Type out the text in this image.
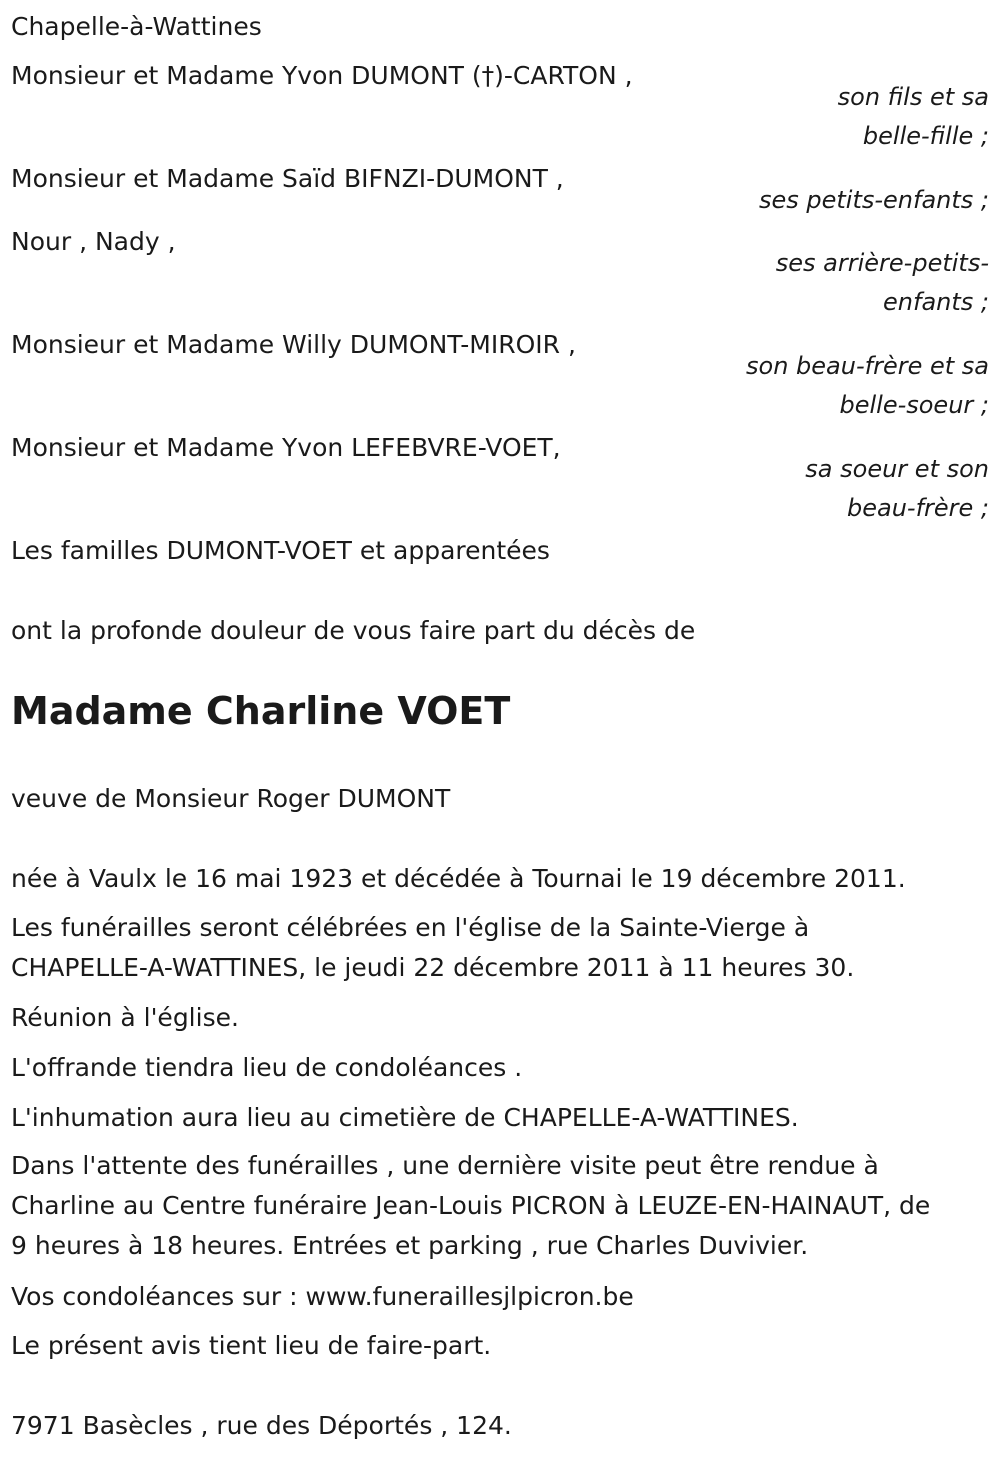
Chapelle-à-Wattines
Monsieur et Madame Yvon DUMONT (†)-CARTON ,
son fils et sa
belle-fille ;
Monsieur et Madame Saïd BIFNZI-DUMONT ,
ses petits-enfants ;
Nour , Nady ,
ses arrière-petits-
enfants ;
Monsieur et Madame Willy DUMONT-MIROIR ,
son beau-frère et sa
belle-soeur ;
Monsieur et Madame Yvon LEFEBVRE-VOET,
sa soeur et son
beau-frère ;
Les familles DUMONT-VOET et apparentées
ont la profonde douleur de vous faire part du décès de
Madame Charline VOET
veuve de Monsieur Roger DUMONT
née à Vaulx le 16 mai 1923 et décédée à Tournai le 19 décembre 2011.
Les funérailles seront célébrées en l'église de la Sainte-Vierge à
CHAPELLE-A-WATTINES, le jeudi 22 décembre 2011 à 11 heures 30.
Réunion à l'église.
L'offrande tiendra lieu de condoléances .
L'inhumation aura lieu au cimetière de CHAPELLE-A-WATTINES.
Dans l'attente des funérailles , une dernière visite peut être rendue à
Charline au Centre funéraire Jean-Louis PICRON à LEUZE-EN-HAINAUT, de
9 heures à 18 heures. Entrées et parking , rue Charles Duvivier.
Vos condoléances sur : www.funeraillesjlpicron.be
Le présent avis tient lieu de faire-part.
7971 Basècles , rue des Déportés , 124.
